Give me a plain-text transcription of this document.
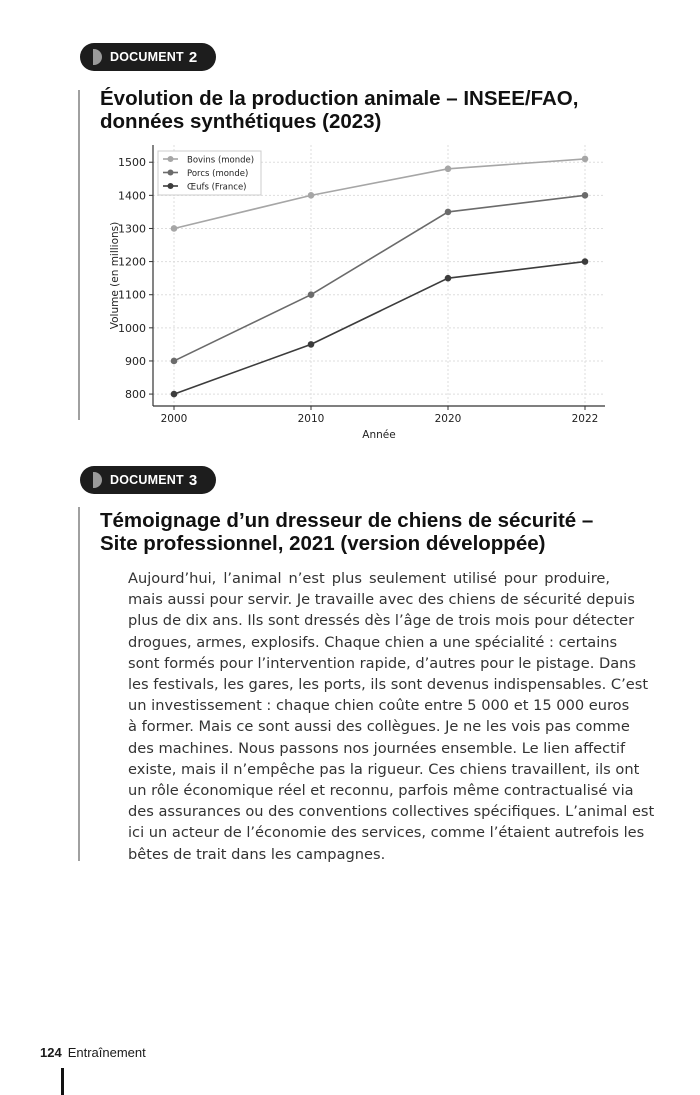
DOCUMENT 2
Évolution de la production animale – INSEE/FAO,
données synthétiques (2023)
800
900
1000
1100
1200
1300
1400
1500
2000	2010	2020	2022
Année
Volume (en millions)
Bovins (monde)
Porcs (monde)
Œufs (France)
DOCUMENT 3
Témoignage d’un dresseur de chiens de sécurité –
Site professionnel, 2021 (version développée)
Aujourd’hui, l’animal n’est plus seulement utilisé pour produire,
mais aussi pour servir. Je travaille avec des chiens de sécurité depuis
plus de dix ans. Ils sont dressés dès l’âge de trois mois pour détecter
drogues, armes, explosifs. Chaque chien a une spécialité : certains
sont formés pour l’intervention rapide, d’autres pour le pistage. Dans
les festivals, les gares, les ports, ils sont devenus indispensables. C’est
un investissement : chaque chien coûte entre 5 000 et 15 000 euros
à former. Mais ce sont aussi des collègues. Je ne les vois pas comme
des machines. Nous passons nos journées ensemble. Le lien affectif
existe, mais il n’empêche pas la rigueur. Ces chiens travaillent, ils ont
un rôle économique réel et reconnu, parfois même contractualisé via
des assurances ou des conventions collectives spécifiques. L’animal est
ici un acteur de l’économie des services, comme l’étaient autrefois les
bêtes de trait dans les campagnes.
124 Entraînement
